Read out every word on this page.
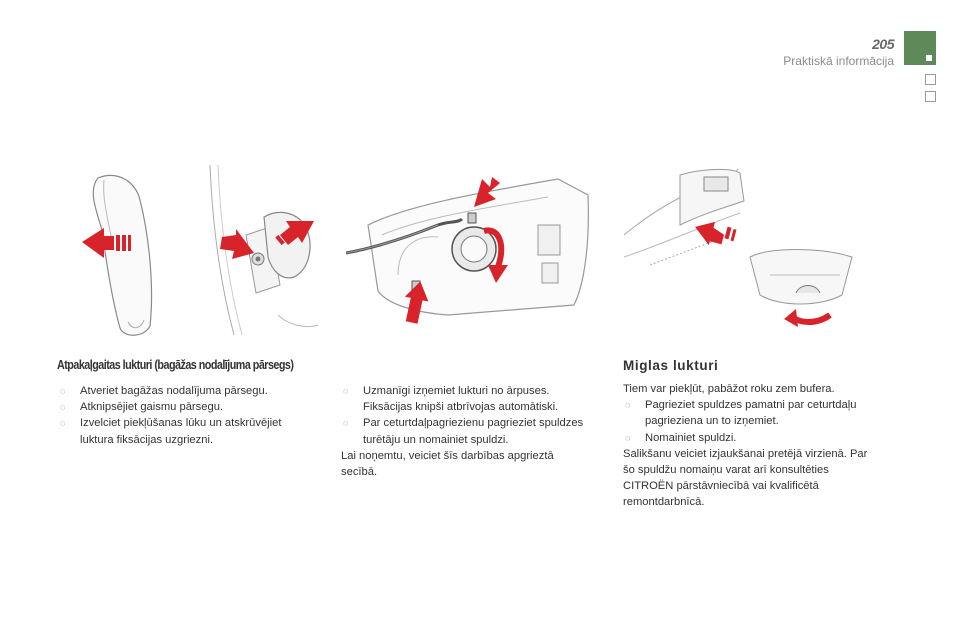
205
Praktiskā informācija
Atpakaļgaitas lukturi (bagāžas nodalījuma pārsegs)
◌ Atveriet bagāžas nodalījuma pārsegu.
◌ Atknipsējiet gaismu pārsegu.
◌ Izvelciet piekļūšanas lūku un atskrūvējiet luktura fiksācijas uzgriezni.
◌ Uzmanīgi izņemiet lukturi no ārpuses. Fiksācijas knipši atbrīvojas automātiski.
◌ Par ceturtdaļpagriezienu pagrieziet spuldzes turētāju un nomainiet spuldzi.

Lai noņemtu, veiciet šīs darbības apgrieztā secībā.

Miglas lukturi

Tiem var piekļūt, pabāžot roku zem bufera.

◌ Pagrieziet spuldzes pamatni par ceturtdaļu pagrieziena un to izņemiet.
◌ Nomainiet spuldzi.

Salikšanu veiciet izjaukšanai pretējā virzienā. Par šo spuldžu nomaiņu varat arī konsultēties CITROËN pārstāvniecībā vai kvalificētā remontdarbnīcā.
